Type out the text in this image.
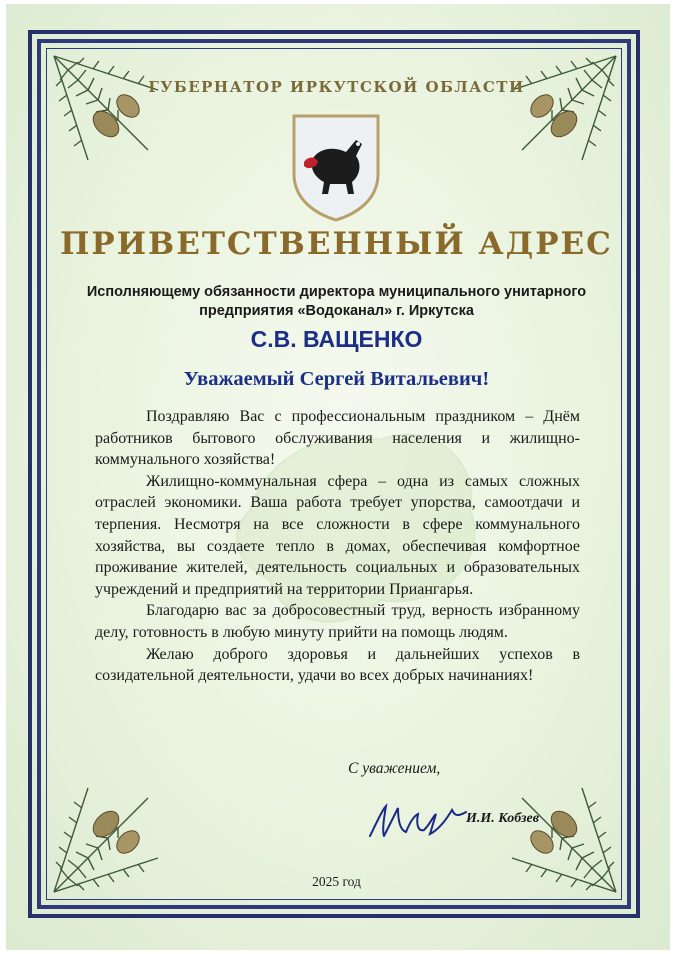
ГУБЕРНАТОР ИРКУТСКОЙ ОБЛАСТИ
ПРИВЕТСТВЕННЫЙ АДРЕС
Исполняющему обязанности директора муниципального унитарного
предприятия «Водоканал» г. Иркутска
С.В. ВАЩЕНКО
Уважаемый Сергей Витальевич!

Поздравляю Вас с профессиональным праздником – Днём работников бытового обслуживания населения и жилищно-коммунального хозяйства!

Жилищно-коммунальная сфера – одна из самых сложных отраслей экономики. Ваша работа требует упорства, самоотдачи и терпения. Несмотря на все сложности в сфере коммунального хозяйства, вы создаете тепло в домах, обеспечивая комфортное проживание жителей, деятельность социальных и образовательных учреждений и предприятий на территории Приангарья.

Благодарю вас за добросовестный труд, верность избранному делу, готовность в любую минуту прийти на помощь людям.

Желаю доброго здоровья и дальнейших успехов в созидательной деятельности, удачи во всех добрых начинаниях!

С уважением,
И.И. Кобзев
2025 год
